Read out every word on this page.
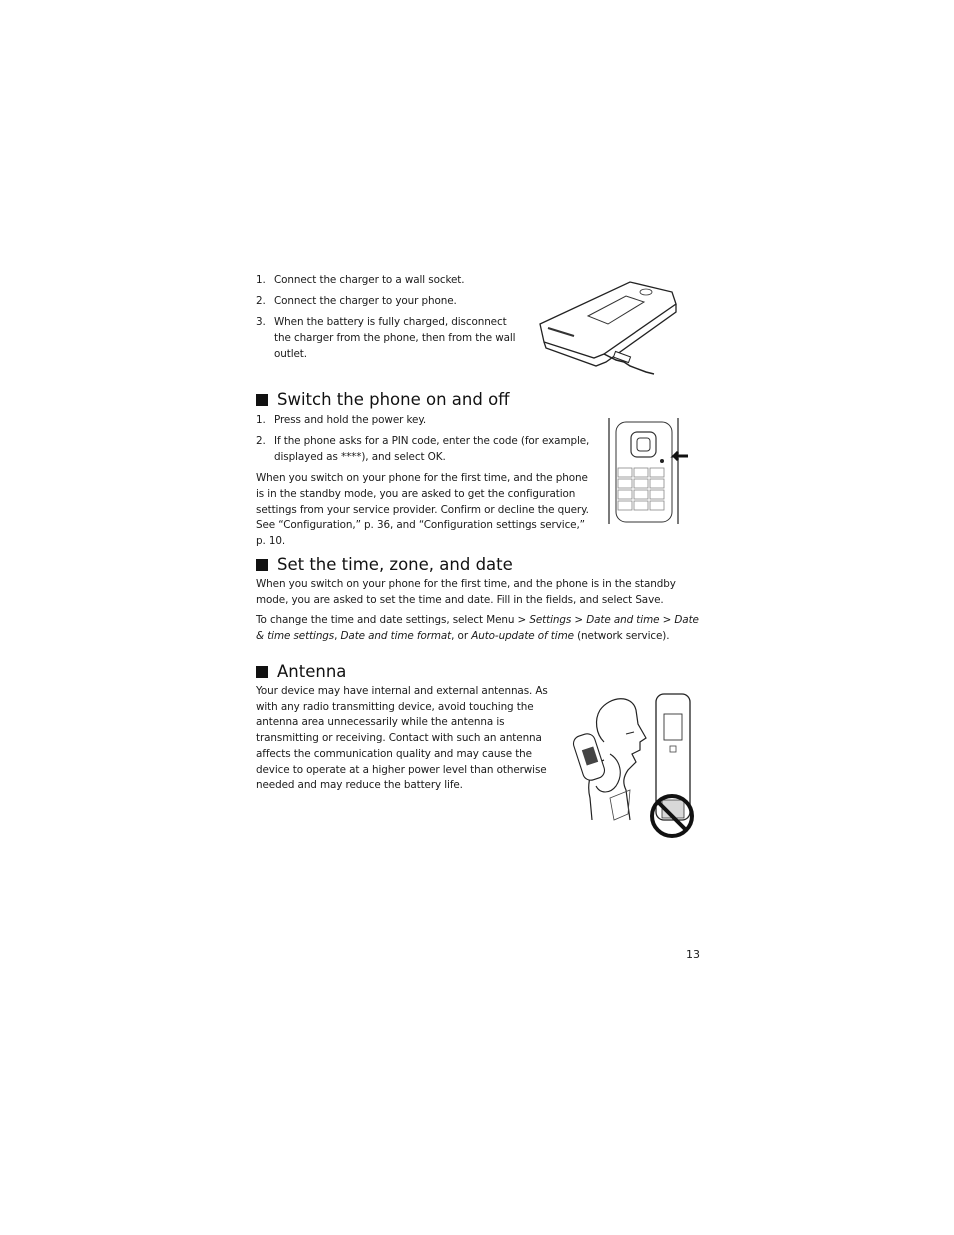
1. Connect the charger to a wall socket.
2. Connect the charger to your phone.
3. When the battery is fully charged, disconnect the charger from the phone, then from the wall outlet.
Switch the phone on and off
1. Press and hold the power key.
2. If the phone asks for a PIN code, enter the code (for example, displayed as ****), and select OK.

When you switch on your phone for the first time, and the phone is in the standby mode, you are asked to get the configuration settings from your service provider. Confirm or decline the query. See “Configuration,” p. 36, and “Configuration settings service,” p. 10.

Set the time, zone, and date

When you switch on your phone for the first time, and the phone is in the standby mode, you are asked to set the time and date. Fill in the fields, and select Save.

To change the time and date settings, select Menu > Settings > Date and time > Date & time settings, Date and time format, or Auto-update of time (network service).

Antenna

Your device may have internal and external antennas. As with any radio transmitting device, avoid touching the antenna area unnecessarily while the antenna is transmitting or receiving. Contact with such an antenna affects the communication quality and may cause the device to operate at a higher power level than otherwise needed and may reduce the battery life.

13
